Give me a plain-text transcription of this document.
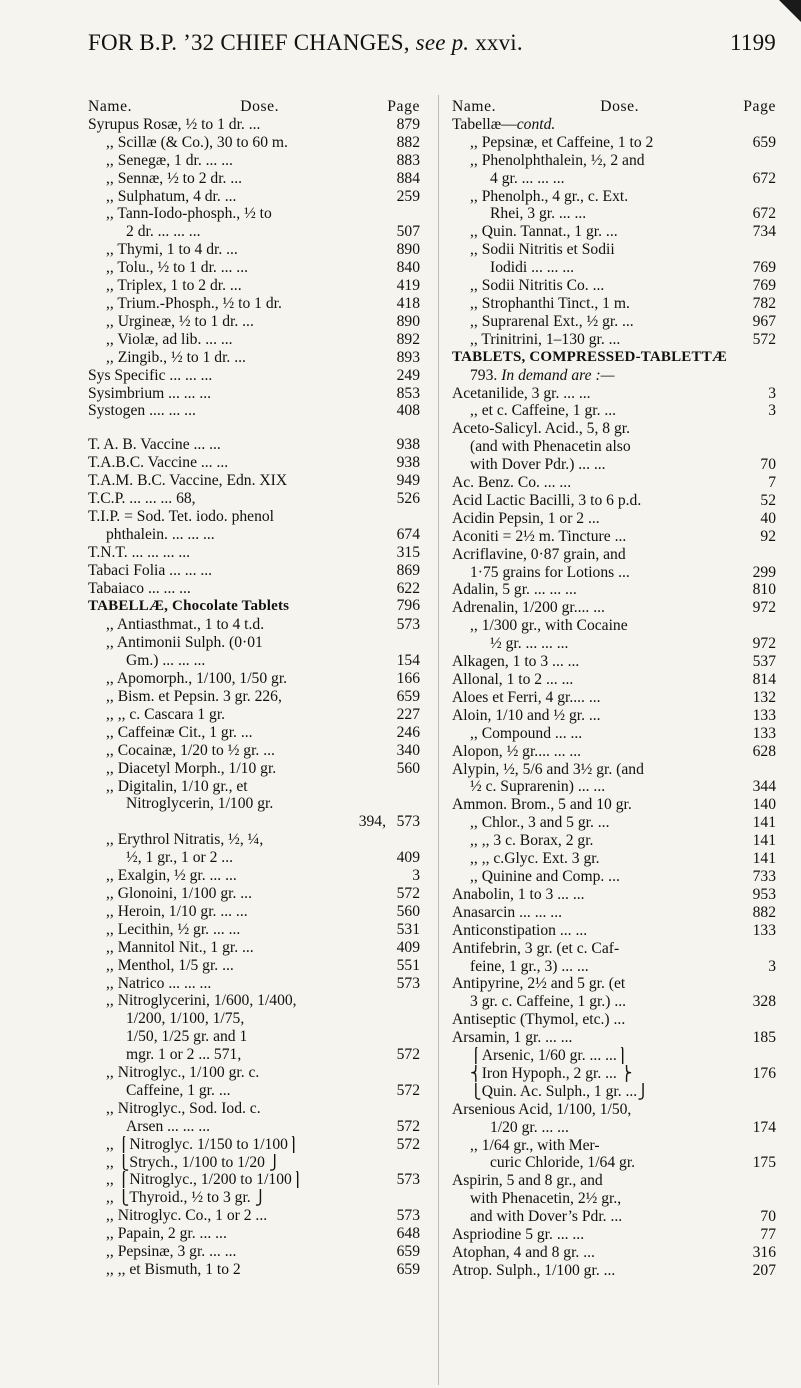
FOR B.P. ’32 CHIEF CHANGES, see p. xxvi.	1199
Name.	Dose.	Page
Syrupus Rosæ, ½ to 1 dr. ...	879
,, Scillæ (& Co.), 30 to 60 m.	882
,, Senegæ, 1 dr. ... ...	883
,, Sennæ, ½ to 2 dr. ...	884
,, Sulphatum, 4 dr. ...	259
,, Tann-Iodo-phosph., ½ to
2 dr. ... ... ...	507
,, Thymi, 1 to 4 dr. ...	890
,, Tolu., ½ to 1 dr. ... ...	840
,, Triplex, 1 to 2 dr. ...	419
,, Trium.-Phosph., ½ to 1 dr.	418
,, Urgineæ, ½ to 1 dr. ...	890
,, Violæ, ad lib. ... ...	892
,, Zingib., ½ to 1 dr. ...	893
Sys Specific ... ... ...	249
Sysimbrium ... ... ...	853
Systogen .... ... ...	408
T. A. B. Vaccine ... ...	938
T.A.B.C. Vaccine ... ...	938
T.A.M. B.C. Vaccine, Edn. XIX	949
T.C.P. ... ... ... 68,	526
T.I.P. = Sod. Tet. iodo. phenol
phthalein. ... ... ...	674
T.N.T. ... ... ... ...	315
Tabaci Folia ... ... ...	869
Tabaiaco ... ... ...	622
TABELLÆ, Chocolate Tablets	796
,, Antiasthmat., 1 to 4 t.d.	573
,, Antimonii Sulph. (0·01
Gm.) ... ... ...	154
,, Apomorph., 1/100, 1/50 gr.	166
,, Bism. et Pepsin. 3 gr. 226,	659
,, ,, c. Cascara 1 gr.	227
,, Caffeinæ Cit., 1 gr. ...	246
,, Cocainæ, 1/20 to ½ gr. ...	340
,, Diacetyl Morph., 1/10 gr.	560
,, Digitalin, 1/10 gr., et
Nitroglycerin, 1/100 gr.
394, 573
,, Erythrol Nitratis, ½, ¼,
½, 1 gr., 1 or 2 ...	409
,, Exalgin, ½ gr. ... ...	3
,, Glonoini, 1/100 gr. ...	572
,, Heroin, 1/10 gr. ... ...	560
,, Lecithin, ½ gr. ... ...	531
,, Mannitol Nit., 1 gr. ...	409
,, Menthol, 1/5 gr. ...	551
,, Natrico ... ... ...	573
,, Nitroglycerini, 1/600, 1/400,
1/200, 1/100, 1/75,
1/50, 1/25 gr. and 1
mgr. 1 or 2 ... 571,	572
,, Nitroglyc., 1/100 gr. c.
Caffeine, 1 gr. ...	572
,, Nitroglyc., Sod. Iod. c.
Arsen ... ... ...	572
,, ⎧Nitroglyc. 1/150 to 1/100⎫	572
,, ⎩Strych., 1/100 to 1/20 ⎭
,, ⎧Nitroglyc., 1/200 to 1/100⎫	573
,, ⎩Thyroid., ½ to 3 gr. ⎭
,, Nitroglyc. Co., 1 or 2 ...	573
,, Papain, 2 gr. ... ...	648
,, Pepsinæ, 3 gr. ... ...	659
,, ,, et Bismuth, 1 to 2	659
Name.	Dose.	Page
Tabellæ—contd.
,, Pepsinæ, et Caffeine, 1 to 2	659
,, Phenolphthalein, ½, 2 and
4 gr. ... ... ...	672
,, Phenolph., 4 gr., c. Ext.
Rhei, 3 gr. ... ...	672
,, Quin. Tannat., 1 gr. ...	734
,, Sodii Nitritis et Sodii
Iodidi ... ... ...	769
,, Sodii Nitritis Co. ...	769
,, Strophanthi Tinct., 1 m.	782
,, Suprarenal Ext., ½ gr. ...	967
,, Trinitrini, 1–130 gr. ...	572
TABLETS, COMPRESSED-TABLETTÆ
793. In demand are :—
Acetanilide, 3 gr. ... ...	3
,, et c. Caffeine, 1 gr. ...	3
Aceto-Salicyl. Acid., 5, 8 gr.
(and with Phenacetin also
with Dover Pdr.) ... ...	70
Ac. Benz. Co. ... ...	7
Acid Lactic Bacilli, 3 to 6 p.d.	52
Acidin Pepsin, 1 or 2 ...	40
Aconiti = 2½ m. Tincture ...	92
Acriflavine, 0·87 grain, and
1·75 grains for Lotions ...	299
Adalin, 5 gr. ... ... ...	810
Adrenalin, 1/200 gr.... ...	972
,, 1/300 gr., with Cocaine
½ gr. ... ... ...	972
Alkagen, 1 to 3 ... ...	537
Allonal, 1 to 2 ... ...	814
Aloes et Ferri, 4 gr.... ...	132
Aloin, 1/10 and ½ gr. ...	133
,, Compound ... ...	133
Alopon, ½ gr.... ... ...	628
Alypin, ½, 5/6 and 3½ gr. (and
½ c. Suprarenin) ... ...	344
Ammon. Brom., 5 and 10 gr.	140
,, Chlor., 3 and 5 gr. ...	141
,, ,, 3 c. Borax, 2 gr.	141
,, ,, c.Glyc. Ext. 3 gr.	141
,, Quinine and Comp. ...	733
Anabolin, 1 to 3 ... ...	953
Anasarcin ... ... ...	882
Anticonstipation ... ...	133
Antifebrin, 3 gr. (et c. Caf-
feine, 1 gr., 3) ... ...	3
Antipyrine, 2½ and 5 gr. (et
3 gr. c. Caffeine, 1 gr.) ...	328
Antiseptic (Thymol, etc.) ...
Arsamin, 1 gr. ... ...	185
⎧Arsenic, 1/60 gr. ... ...⎫
⎨Iron Hypoph., 2 gr. ... ⎬	176
⎩Quin. Ac. Sulph., 1 gr. ...⎭
Arsenious Acid, 1/100, 1/50,
1/20 gr. ... ...	174
,, 1/64 gr., with Mer-
curic Chloride, 1/64 gr.	175
Aspirin, 5 and 8 gr., and
with Phenacetin, 2½ gr.,
and with Dover’s Pdr. ...	70
Aspriodine 5 gr. ... ...	77
Atophan, 4 and 8 gr. ...	316
Atrop. Sulph., 1/100 gr. ...	207
